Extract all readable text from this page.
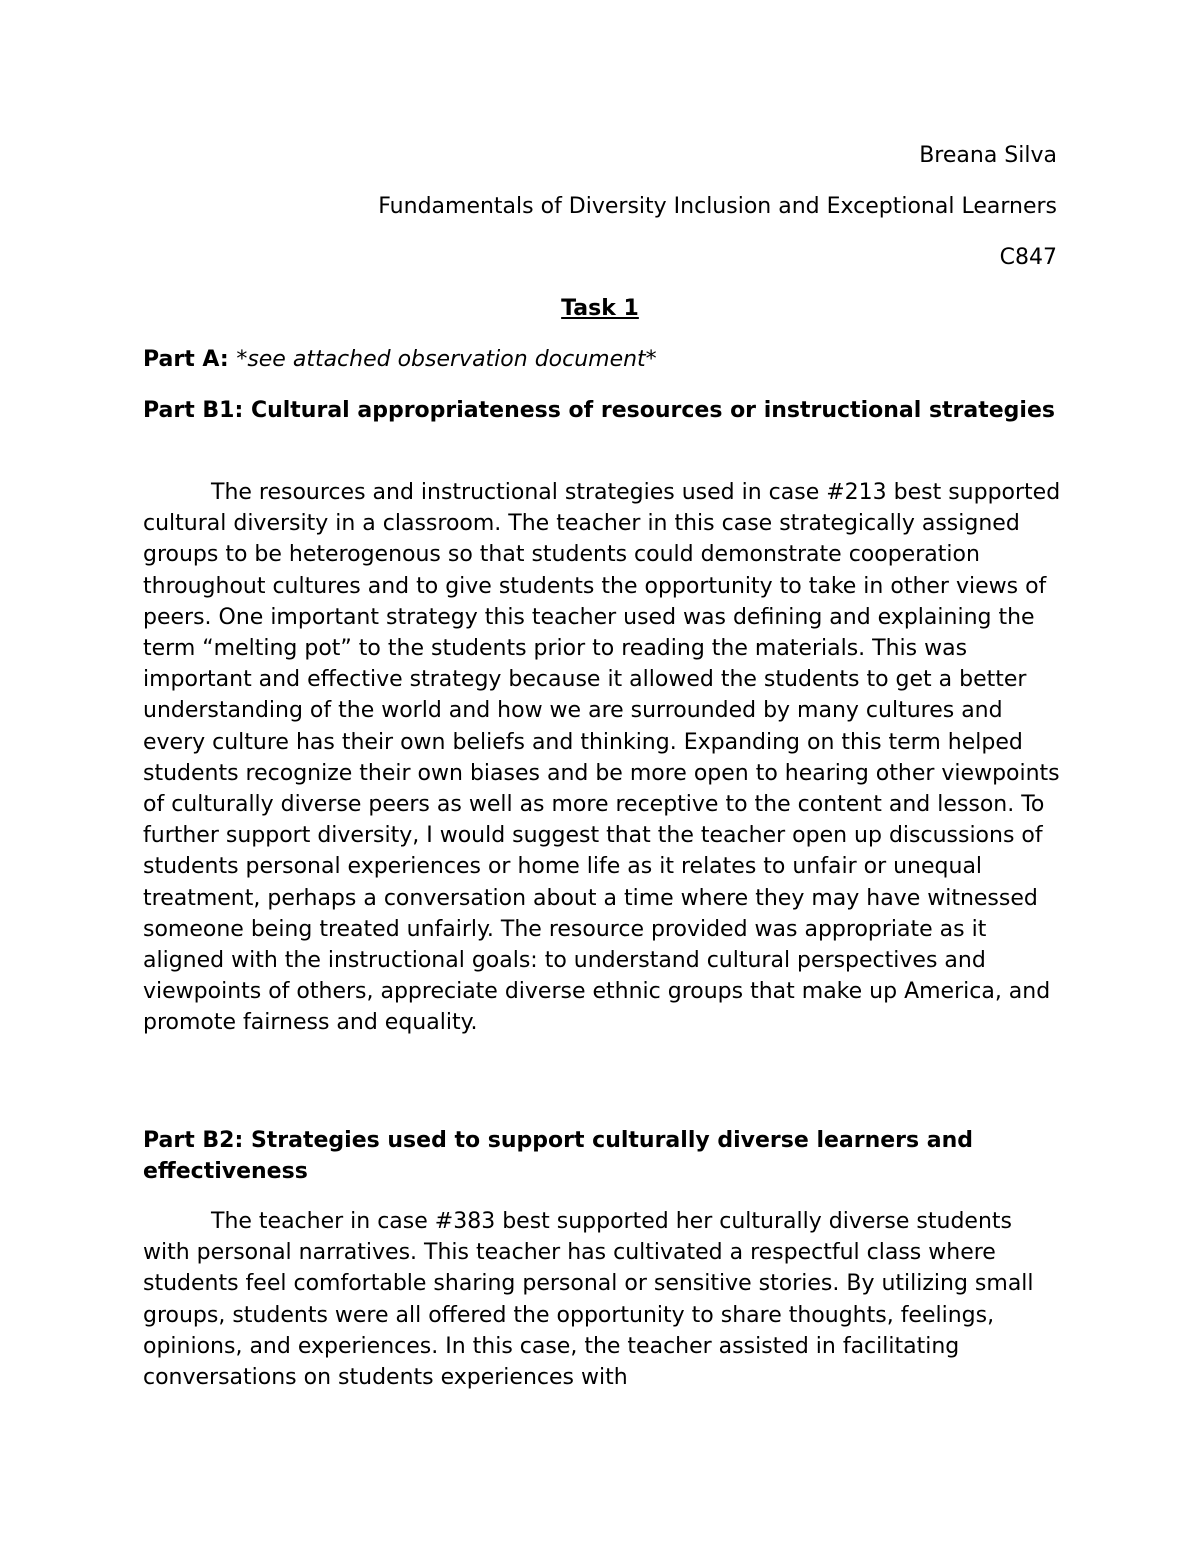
Breana Silva
Fundamentals of Diversity Inclusion and Exceptional Learners
C847
Task 1
Part A: *see attached observation document*
Part B1: Cultural appropriateness of resources or instructional strategies
The resources and instructional strategies used in case #213 best supported cultural diversity in a classroom. The teacher in this case strategically assigned groups to be heterogenous so that students could demonstrate cooperation throughout cultures and to give students the opportunity to take in other views of peers. One important strategy this teacher used was defining and explaining the term “melting pot” to the students prior to reading the materials. This was important and effective strategy because it allowed the students to get a better understanding of the world and how we are surrounded by many cultures and every culture has their own beliefs and thinking. Expanding on this term helped students recognize their own biases and be more open to hearing other viewpoints of culturally diverse peers as well as more receptive to the content and lesson. To further support diversity, I would suggest that the teacher open up discussions of students personal experiences or home life as it relates to unfair or unequal treatment, perhaps a conversation about a time where they may have witnessed someone being treated unfairly. The resource provided was appropriate as it aligned with the instructional goals: to understand cultural perspectives and viewpoints of others, appreciate diverse ethnic groups that make up America, and promote fairness and equality.
Part B2: Strategies used to support culturally diverse learners and effectiveness
The teacher in case #383 best supported her culturally diverse students with personal narratives. This teacher has cultivated a respectful class where students feel comfortable sharing personal or sensitive stories. By utilizing small groups, students were all offered the opportunity to share thoughts, feelings, opinions, and experiences. In this case, the teacher assisted in facilitating conversations on students experiences with
